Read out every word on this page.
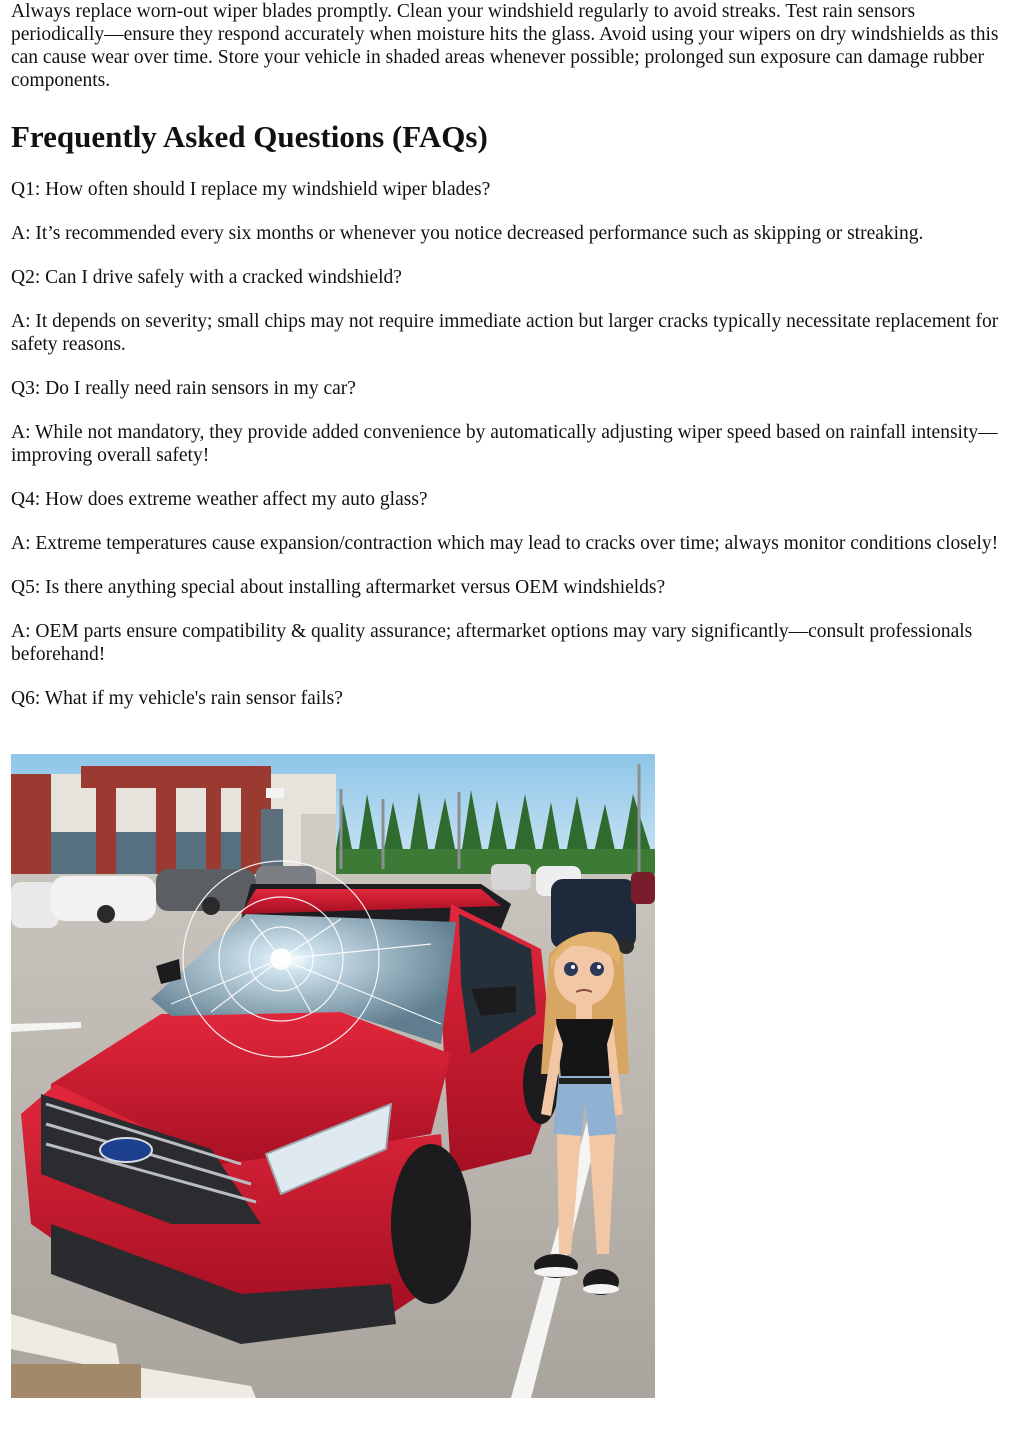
Always replace worn-out wiper blades promptly. Clean your windshield regularly to avoid streaks. Test rain sensors periodically—ensure they respond accurately when moisture hits the glass. Avoid using your wipers on dry windshields as this can cause wear over time. Store your vehicle in shaded areas whenever possible; prolonged sun exposure can damage rubber components.

Frequently Asked Questions (FAQs)

Q1: How often should I replace my windshield wiper blades?

A: It’s recommended every six months or whenever you notice decreased performance such as skipping or streaking.

Q2: Can I drive safely with a cracked windshield?

A: It depends on severity; small chips may not require immediate action but larger cracks typically necessitate replacement for safety reasons.

Q3: Do I really need rain sensors in my car?

A: While not mandatory, they provide added convenience by automatically adjusting wiper speed based on rainfall intensity—improving overall safety!

Q4: How does extreme weather affect my auto glass?

A: Extreme temperatures cause expansion/contraction which may lead to cracks over time; always monitor conditions closely!

Q5: Is there anything special about installing aftermarket versus OEM windshields?

A: OEM parts ensure compatibility & quality assurance; aftermarket options may vary significantly—consult professionals beforehand!

Q6: What if my vehicle's rain sensor fails?
